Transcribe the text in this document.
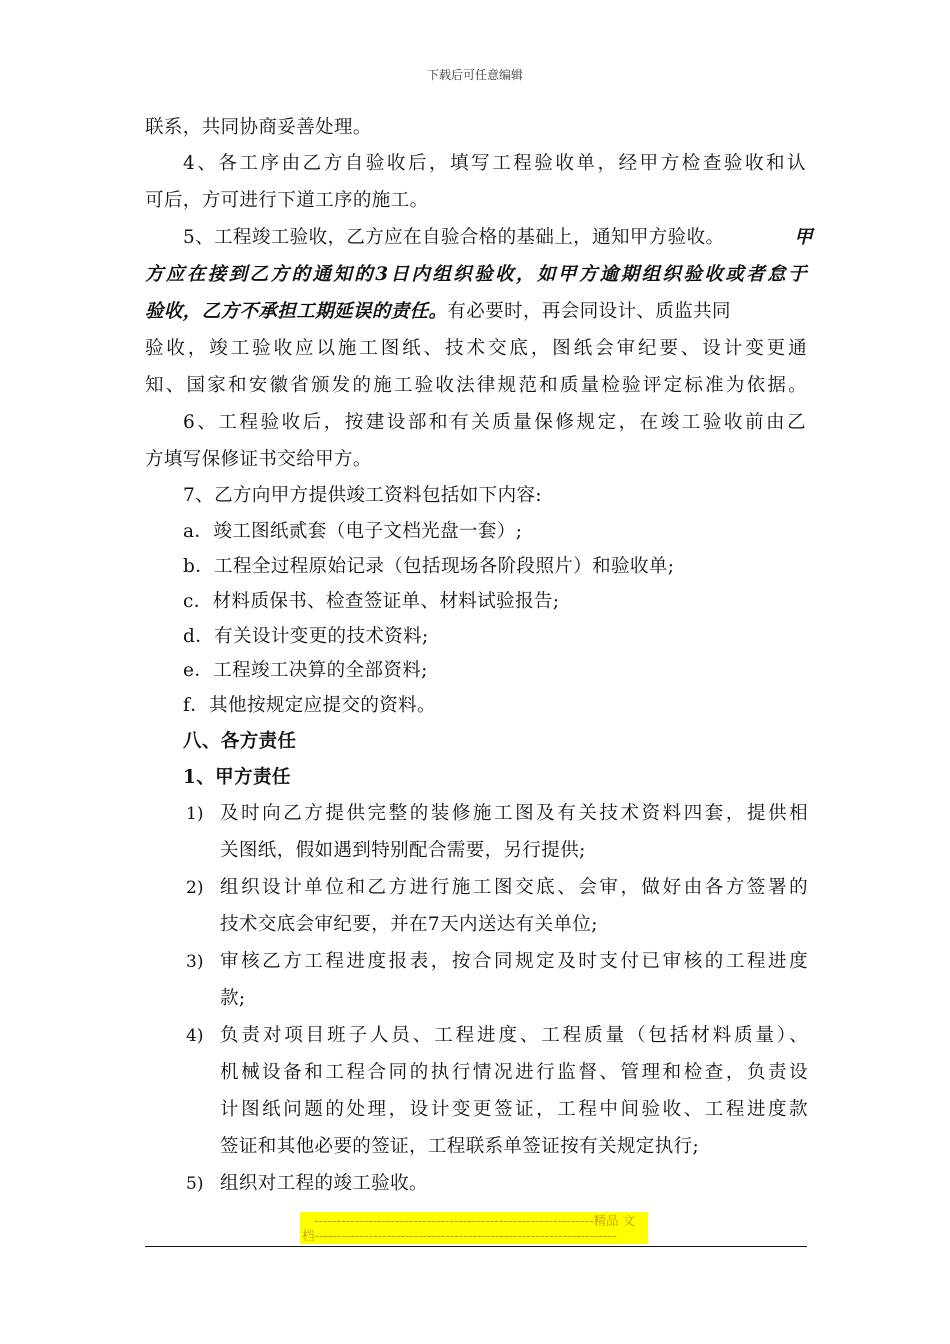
下载后可任意编辑
联系，共同协商妥善处理。
4、各工序由乙方自验收后，填写工程验收单，经甲方检查验收和认
可后，方可进行下道工序的施工。
5、工程竣工验收，乙方应在自验合格的基础上，通知甲方验收。	甲
方应在接到乙方的通知的3日内组织验收，如甲方逾期组织验收或者怠于
验收，乙方不承担工期延误的责任。有必要时，再会同设计、质监共同
验收，竣工验收应以施工图纸、技术交底，图纸会审纪要、设计变更通
知、国家和安徽省颁发的施工验收法律规范和质量检验评定标准为依据。
6、工程验收后，按建设部和有关质量保修规定，在竣工验收前由乙
方填写保修证书交给甲方。
7、乙方向甲方提供竣工资料包括如下内容:
a．竣工图纸贰套（电子文档光盘一套）;
b．工程全过程原始记录（包括现场各阶段照片）和验收单;
c．材料质保书、检查签证单、材料试验报告;
d．有关设计变更的技术资料;
e．工程竣工决算的全部资料;
f．其他按规定应提交的资料。
八、各方责任
1、甲方责任
1) 及时向乙方提供完整的装修施工图及有关技术资料四套，提供相
关图纸，假如遇到特别配合需要，另行提供;
2) 组织设计单位和乙方进行施工图交底、会审，做好由各方签署的
技术交底会审纪要，并在7天内送达有关单位;
3) 审核乙方工程进度报表，按合同规定及时支付已审核的工程进度
款;
4) 负责对项目班子人员、工程进度、工程质量（包括材料质量）、
机械设备和工程合同的执行情况进行监督、管理和检查，负责设
计图纸问题的处理，设计变更签证，工程中间验收、工程进度款
签证和其他必要的签证，工程联系单签证按有关规定执行;
5) 组织对工程的竣工验收。
--------------------------------------------------------------精品 文
档-------------------------------------------------------------------
